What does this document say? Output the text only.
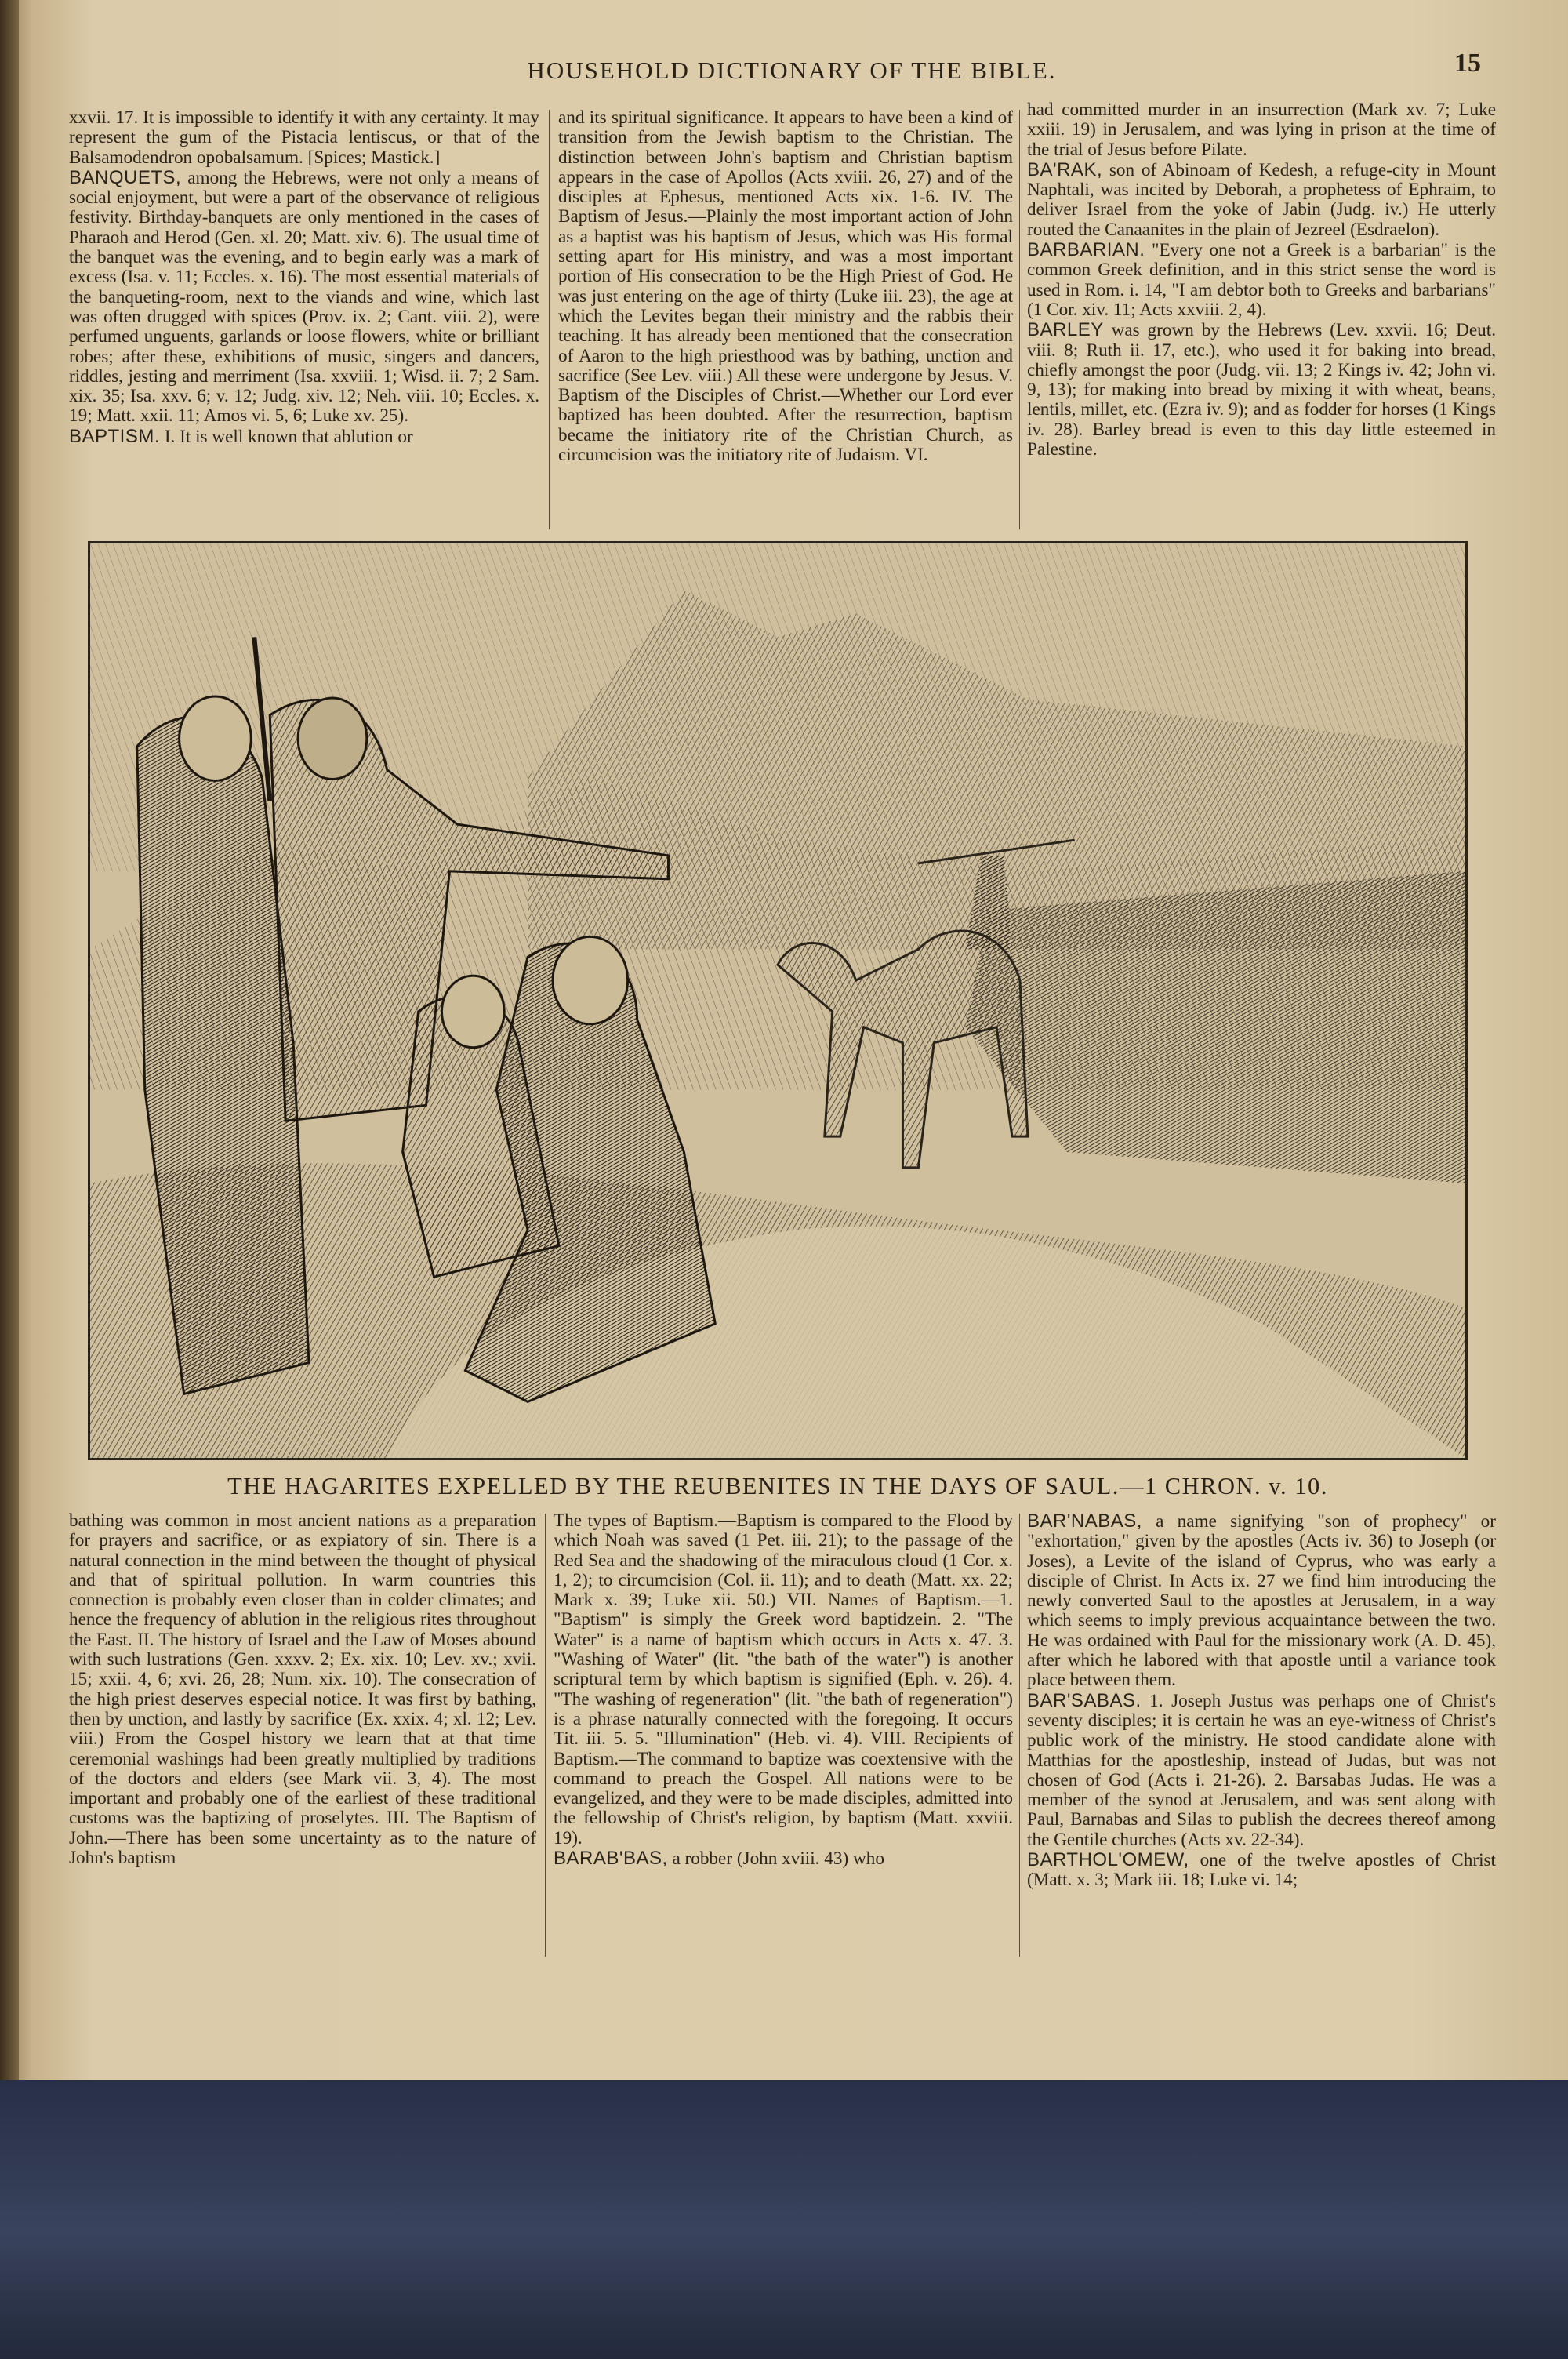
HOUSEHOLD DICTIONARY OF THE BIBLE.	15

xxvii. 17. It is impossible to identify it with any certainty. It may represent the gum of the Pistacia lentiscus, or that of the Balsamodendron opobalsamum. [Spices; Mastick.]

BANQUETS, among the Hebrews, were not only a means of social enjoyment, but were a part of the observance of religious festivity. Birthday-banquets are only mentioned in the cases of Pharaoh and Herod (Gen. xl. 20; Matt. xiv. 6). The usual time of the banquet was the evening, and to begin early was a mark of excess (Isa. v. 11; Eccles. x. 16). The most essential materials of the banqueting-room, next to the viands and wine, which last was often drugged with spices (Prov. ix. 2; Cant. viii. 2), were perfumed unguents, garlands or loose flowers, white or brilliant robes; after these, exhibitions of music, singers and dancers, riddles, jesting and merriment (Isa. xxviii. 1; Wisd. ii. 7; 2 Sam. xix. 35; Isa. xxv. 6; v. 12; Judg. xiv. 12; Neh. viii. 10; Eccles. x. 19; Matt. xxii. 11; Amos vi. 5, 6; Luke xv. 25).

BAPTISM. I. It is well known that ablution or

and its spiritual significance. It appears to have been a kind of transition from the Jewish baptism to the Christian. The distinction between John's baptism and Christian baptism appears in the case of Apollos (Acts xviii. 26, 27) and of the disciples at Ephesus, mentioned Acts xix. 1-6. IV. The Baptism of Jesus.—Plainly the most important action of John as a baptist was his baptism of Jesus, which was His formal setting apart for His ministry, and was a most important portion of His consecration to be the High Priest of God. He was just entering on the age of thirty (Luke iii. 23), the age at which the Levites began their ministry and the rabbis their teaching. It has already been mentioned that the consecration of Aaron to the high priesthood was by bathing, unction and sacrifice (See Lev. viii.) All these were undergone by Jesus. V. Baptism of the Disciples of Christ.—Whether our Lord ever baptized has been doubted. After the resurrection, baptism became the initiatory rite of the Christian Church, as circumcision was the initiatory rite of Judaism. VI.

had committed murder in an insurrection (Mark xv. 7; Luke xxiii. 19) in Jerusalem, and was lying in prison at the time of the trial of Jesus before Pilate.

BA'RAK, son of Abinoam of Kedesh, a refuge-city in Mount Naphtali, was incited by Deborah, a prophetess of Ephraim, to deliver Israel from the yoke of Jabin (Judg. iv.) He utterly routed the Canaanites in the plain of Jezreel (Esdraelon).

BARBARIAN. "Every one not a Greek is a barbarian" is the common Greek definition, and in this strict sense the word is used in Rom. i. 14, "I am debtor both to Greeks and barbarians" (1 Cor. xiv. 11; Acts xxviii. 2, 4).

BARLEY was grown by the Hebrews (Lev. xxvii. 16; Deut. viii. 8; Ruth ii. 17, etc.), who used it for baking into bread, chiefly amongst the poor (Judg. vii. 13; 2 Kings iv. 42; John vi. 9, 13); for making into bread by mixing it with wheat, beans, lentils, millet, etc. (Ezra iv. 9); and as fodder for horses (1 Kings iv. 28). Barley bread is even to this day little esteemed in Palestine.

THE HAGARITES EXPELLED BY THE REUBENITES IN THE DAYS OF SAUL.—1 CHRON. v. 10.

bathing was common in most ancient nations as a preparation for prayers and sacrifice, or as expiatory of sin. There is a natural connection in the mind between the thought of physical and that of spiritual pollution. In warm countries this connection is probably even closer than in colder climates; and hence the frequency of ablution in the religious rites throughout the East. II. The history of Israel and the Law of Moses abound with such lustrations (Gen. xxxv. 2; Ex. xix. 10; Lev. xv.; xvii. 15; xxii. 4, 6; xvi. 26, 28; Num. xix. 10). The consecration of the high priest deserves especial notice. It was first by bathing, then by unction, and lastly by sacrifice (Ex. xxix. 4; xl. 12; Lev. viii.) From the Gospel history we learn that at that time ceremonial washings had been greatly multiplied by traditions of the doctors and elders (see Mark vii. 3, 4). The most important and probably one of the earliest of these traditional customs was the baptizing of proselytes. III. The Baptism of John.—There has been some uncertainty as to the nature of John's baptism

The types of Baptism.—Baptism is compared to the Flood by which Noah was saved (1 Pet. iii. 21); to the passage of the Red Sea and the shadowing of the miraculous cloud (1 Cor. x. 1, 2); to circumcision (Col. ii. 11); and to death (Matt. xx. 22; Mark x. 39; Luke xii. 50.) VII. Names of Baptism.—1. "Baptism" is simply the Greek word baptidzein. 2. "The Water" is a name of baptism which occurs in Acts x. 47. 3. "Washing of Water" (lit. "the bath of the water") is another scriptural term by which baptism is signified (Eph. v. 26). 4. "The washing of regeneration" (lit. "the bath of regeneration") is a phrase naturally connected with the foregoing. It occurs Tit. iii. 5. 5. "Illumination" (Heb. vi. 4). VIII. Recipients of Baptism.—The command to baptize was coextensive with the command to preach the Gospel. All nations were to be evangelized, and they were to be made disciples, admitted into the fellowship of Christ's religion, by baptism (Matt. xxviii. 19).

BARAB'BAS, a robber (John xviii. 43) who

BAR'NABAS, a name signifying "son of prophecy" or "exhortation," given by the apostles (Acts iv. 36) to Joseph (or Joses), a Levite of the island of Cyprus, who was early a disciple of Christ. In Acts ix. 27 we find him introducing the newly converted Saul to the apostles at Jerusalem, in a way which seems to imply previous acquaintance between the two. He was ordained with Paul for the missionary work (A. D. 45), after which he labored with that apostle until a variance took place between them.

BAR'SABAS. 1. Joseph Justus was perhaps one of Christ's seventy disciples; it is certain he was an eye-witness of Christ's public work of the ministry. He stood candidate alone with Matthias for the apostleship, instead of Judas, but was not chosen of God (Acts i. 21-26). 2. Barsabas Judas. He was a member of the synod at Jerusalem, and was sent along with Paul, Barnabas and Silas to publish the decrees thereof among the Gentile churches (Acts xv. 22-34).

BARTHOL'OMEW, one of the twelve apostles of Christ (Matt. x. 3; Mark iii. 18; Luke vi. 14;
